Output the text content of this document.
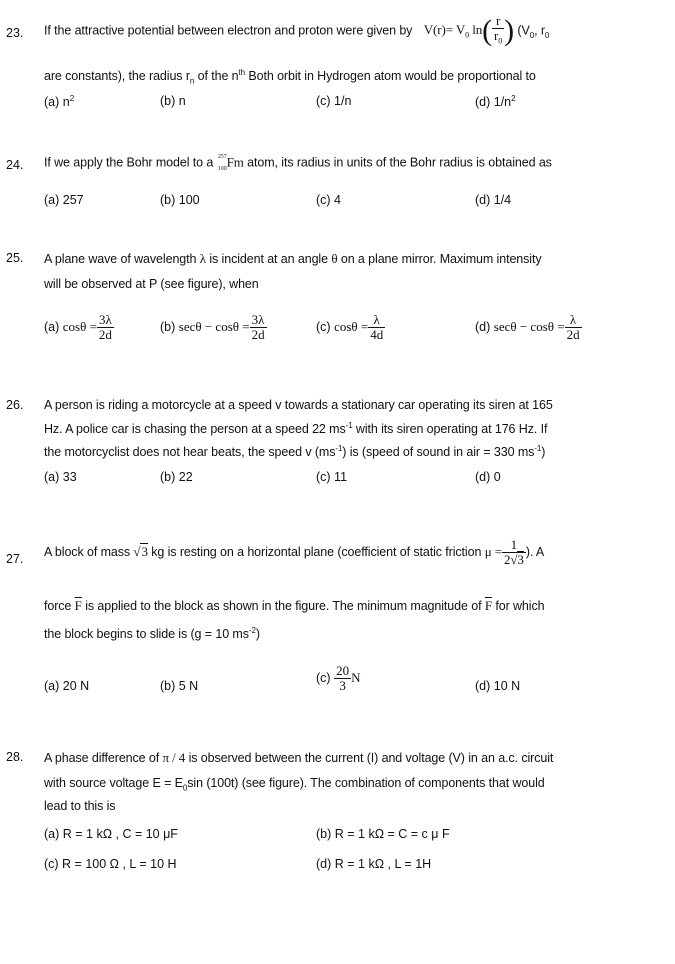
23. If the attractive potential between electron and proton were given by $V(r)= V_0$ $\ln( \frac{r}{r_0}$ ) ($V_0$, $r_0$
are constants), the radius $r_n$ of the $n^{th}$ Both orbit in Hydrogen atom would be proportional to
(a) $n^2$	(b) n	(c) 1/n	(d) $1/n^2$
24. If we apply the Bohr model to a 257
100 Fm atom, its radius in units of the Bohr radius is obtained as
(a) 257	(b) 100	(c) 4	(d) 1/4
25. A plane wave of wavelength λ is incident at an angle θ on a plane mirror. Maximum intensity
will be observed at P (see figure), when
(a) $\cos\theta = \frac{3\lambda}{2d}$	(b) $\sec\theta - \cos\theta = \frac{3\lambda}{2d}$	(c) $\cos\theta = \frac{\lambda}{4d}$	(d) $\sec\theta - \cos\theta = \frac{\lambda}{2d}$
26. A person is riding a motorcycle at a speed v towards a stationary car operating its siren at 165
Hz. A police car is chasing the person at a speed 22 $ms^{-1}$ with its siren operating at 176 Hz. If
the motorcyclist does not hear beats, the speed v $(ms^{-1})$ is (speed of sound in air = 330 $ms^{-1}$)
(a) 33	(b) 22	(c) 11	(d) 0
27.
A block of mass √3 kg is resting on a horizontal plane (coefficient of static friction $\mu = \frac{1}{2√3}$ ). A
force $\overline{F}$ is applied to the block as shown in the figure. The minimum magnitude of $\overline{F}$ for which
the block begins to slide is (g = 10 $ms^{-2}$)
(a) 20 N	(b) 5 N
$(c) \frac{20}{3}$ N
(d) 10 N
28. A phase difference of π / 4 is observed between the current (I) and voltage (V) in an a.c. circuit
with source voltage $E = E_0\sin$ (100t) (see figure). The combination of components that would
lead to this is
(a) R = 1 kΩ , C = 10 μF	(b) R = 1 kΩ = C = c μ F
(c) R = 100 Ω , L = 10 H	(d) R = 1 kΩ , L = 1H
